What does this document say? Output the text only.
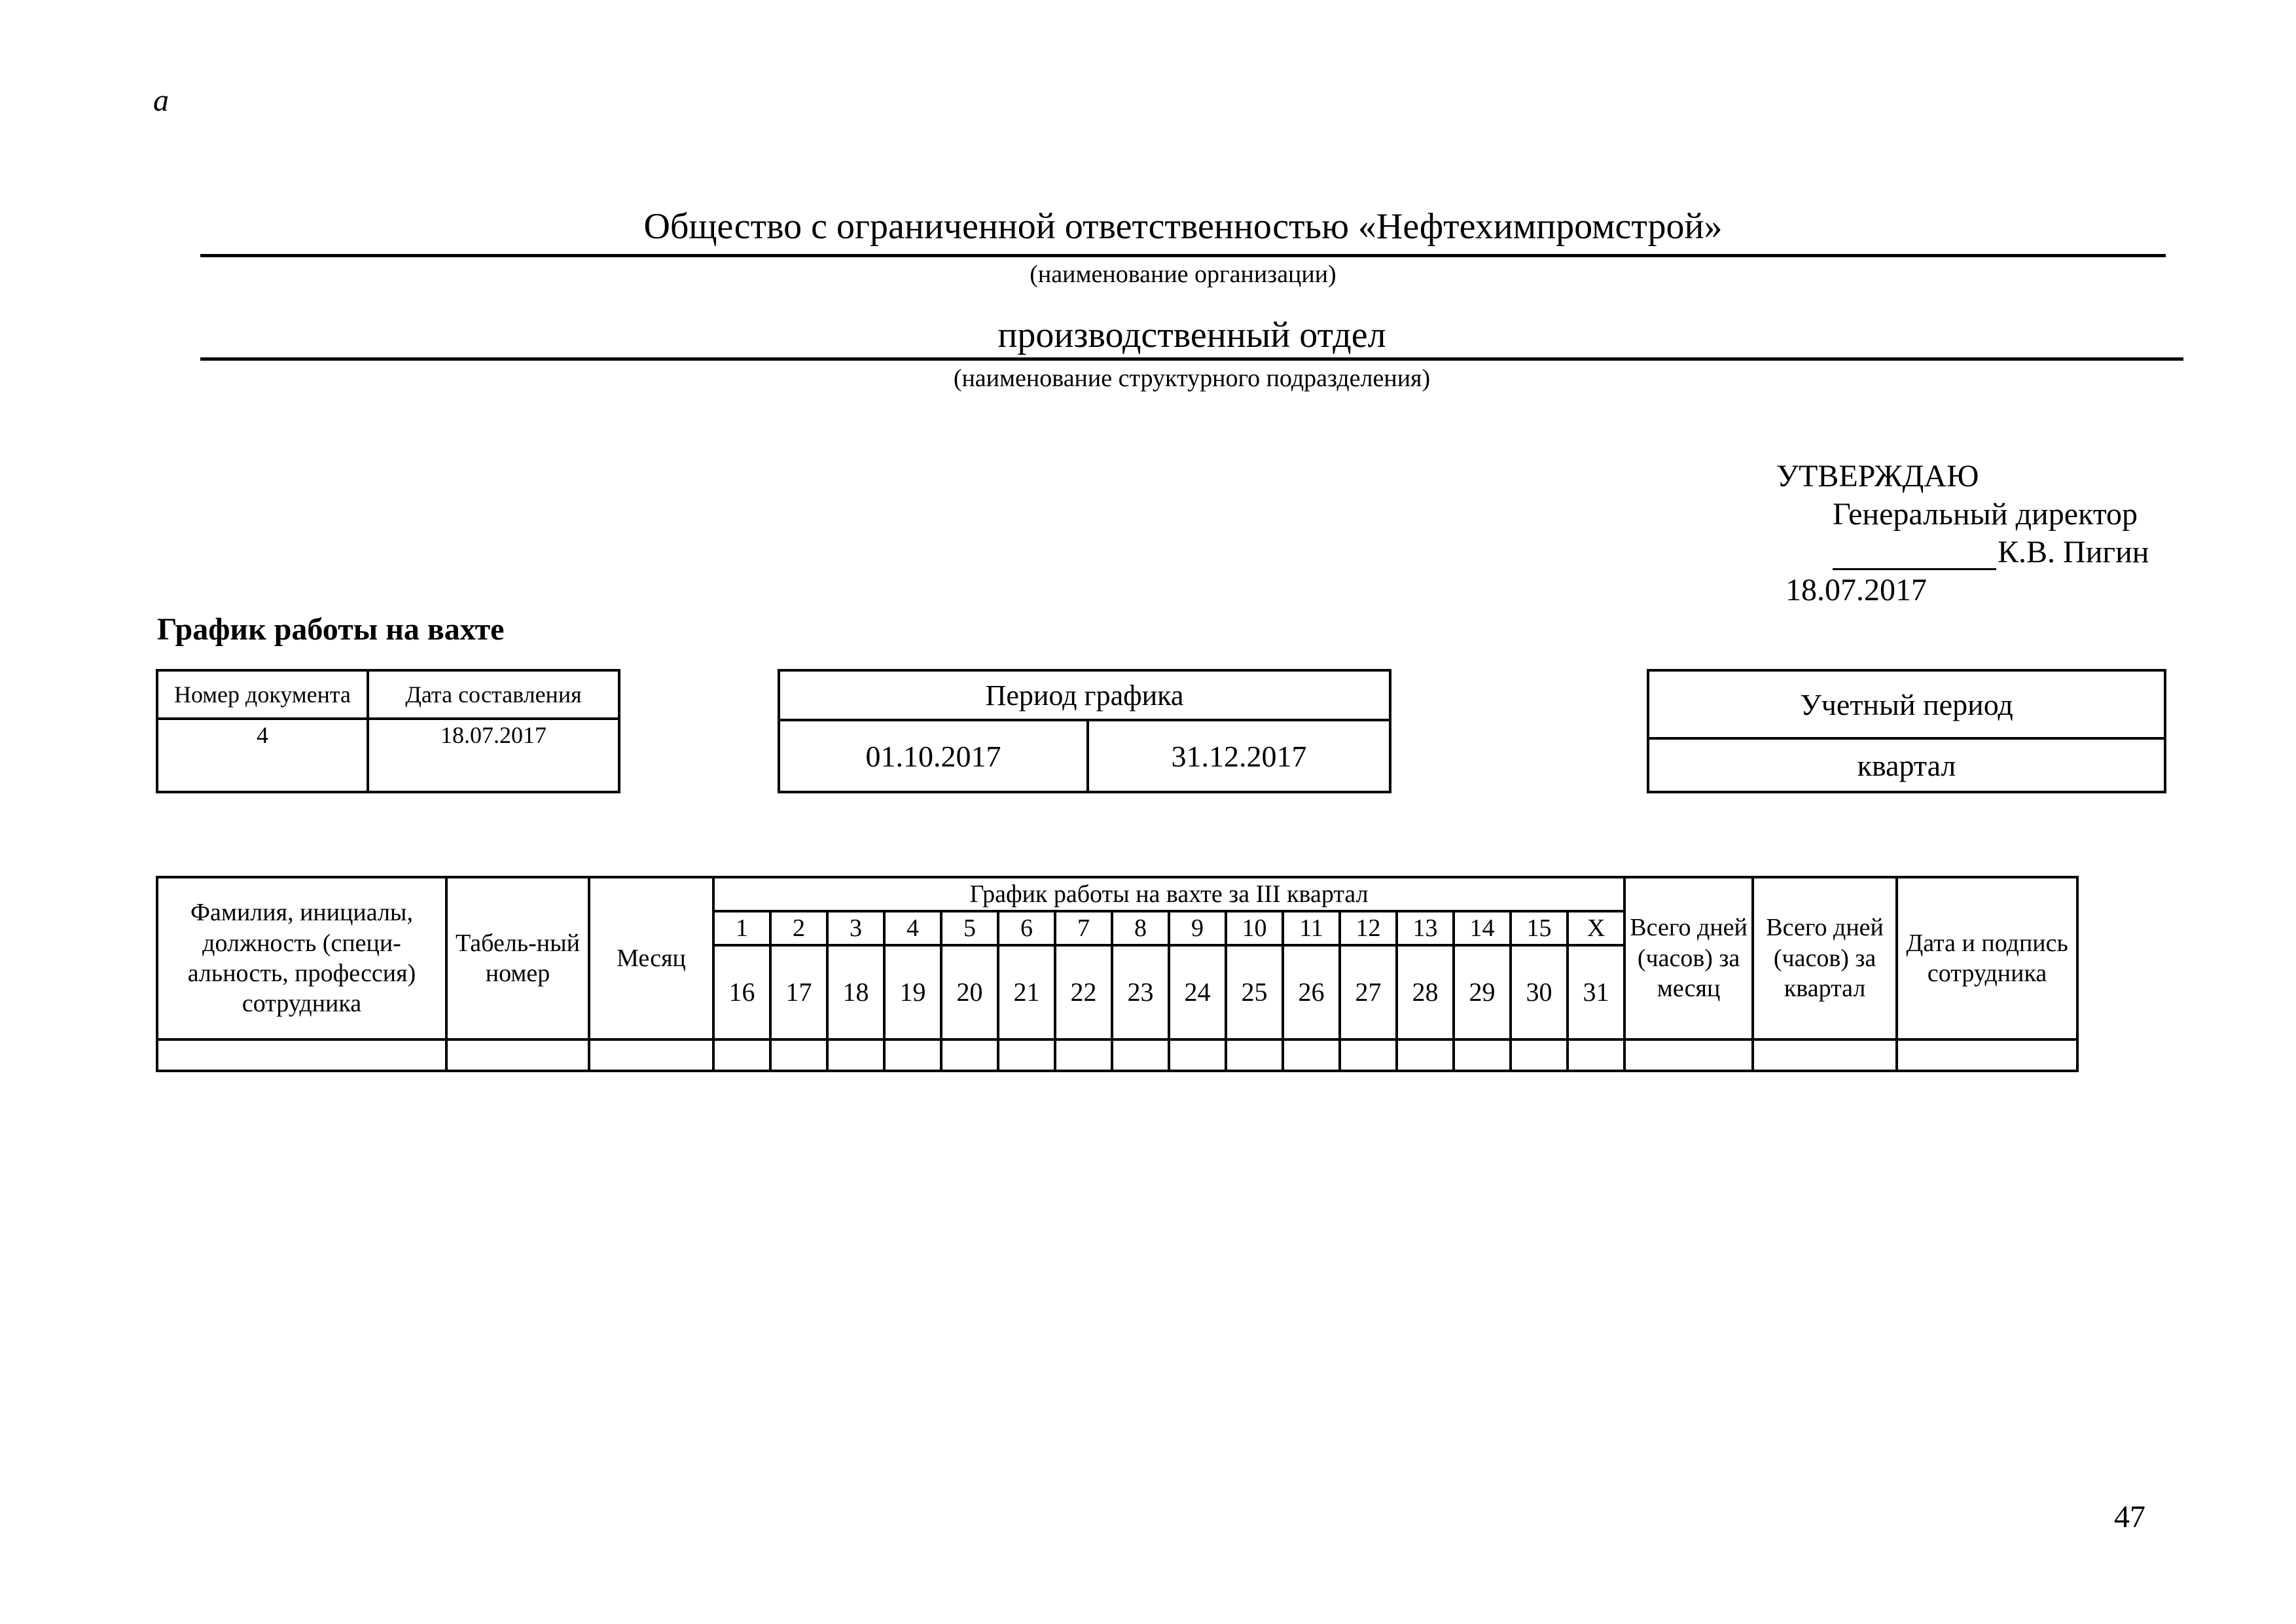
а
Общество с ограниченной ответственностью «Нефтехимпромстрой»
(наименование организации)
производственный отдел
(наименование структурного подразделения)
УТВЕРЖДАЮ
Генеральный директор
К.В. Пигин
18.07.2017
График работы на вахте
Номер документа	Дата составления
4	18.07.2017
Период графика
01.10.2017	31.12.2017
Учетный период
квартал
Фамилия, инициалы, должность (специ-альность, профессия) сотрудника	Табель-ный номер	Месяц	График работы на вахте за III квартал																Всего дней (часов) за месяц	Всего дней (часов) за квартал	Дата и подпись сотрудника
			1	2	3	4	5	6	7	8	9	10	11	12	13	14	15	Х			
			16	17	18	19	20	21	22	23	24	25	26	27	28	29	30	31			

47
